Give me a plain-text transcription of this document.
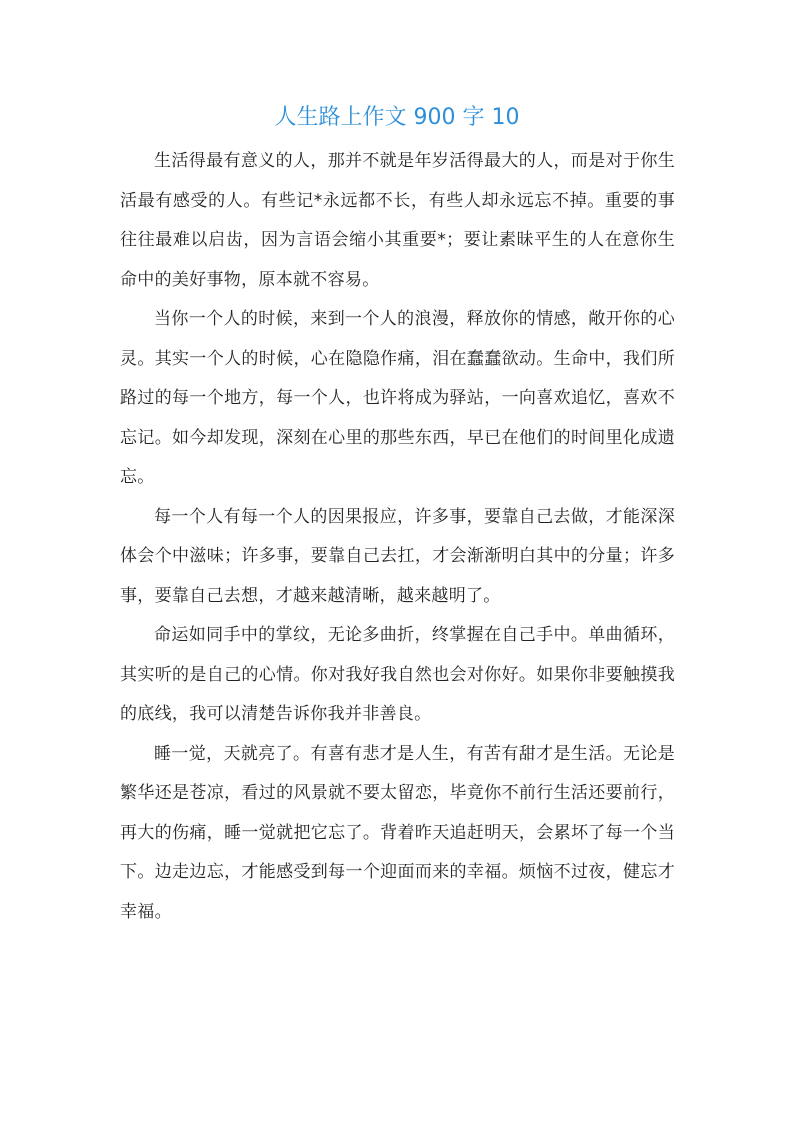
人生路上作文 900 字 10

生活得最有意义的人，那并不就是年岁活得最大的人，而是对于你生活最有感受的人。有些记*永远都不长，有些人却永远忘不掉。重要的事往往最难以启齿，因为言语会缩小其重要*；要让素昧平生的人在意你生命中的美好事物，原本就不容易。

当你一个人的时候，来到一个人的浪漫，释放你的情感，敞开你的心灵。其实一个人的时候，心在隐隐作痛，泪在蠢蠢欲动。生命中，我们所路过的每一个地方，每一个人，也许将成为驿站，一向喜欢追忆，喜欢不忘记。如今却发现，深刻在心里的那些东西，早已在他们的时间里化成遗忘。

每一个人有每一个人的因果报应，许多事，要靠自己去做，才能深深体会个中滋味；许多事，要靠自己去扛，才会渐渐明白其中的分量；许多事，要靠自己去想，才越来越清晰，越来越明了。

命运如同手中的掌纹，无论多曲折，终掌握在自己手中。单曲循环，其实听的是自己的心情。你对我好我自然也会对你好。如果你非要触摸我的底线，我可以清楚告诉你我并非善良。

睡一觉，天就亮了。有喜有悲才是人生，有苦有甜才是生活。无论是繁华还是苍凉，看过的风景就不要太留恋，毕竟你不前行生活还要前行，再大的伤痛，睡一觉就把它忘了。背着昨天追赶明天，会累坏了每一个当下。边走边忘，才能感受到每一个迎面而来的幸福。烦恼不过夜，健忘才幸福。
